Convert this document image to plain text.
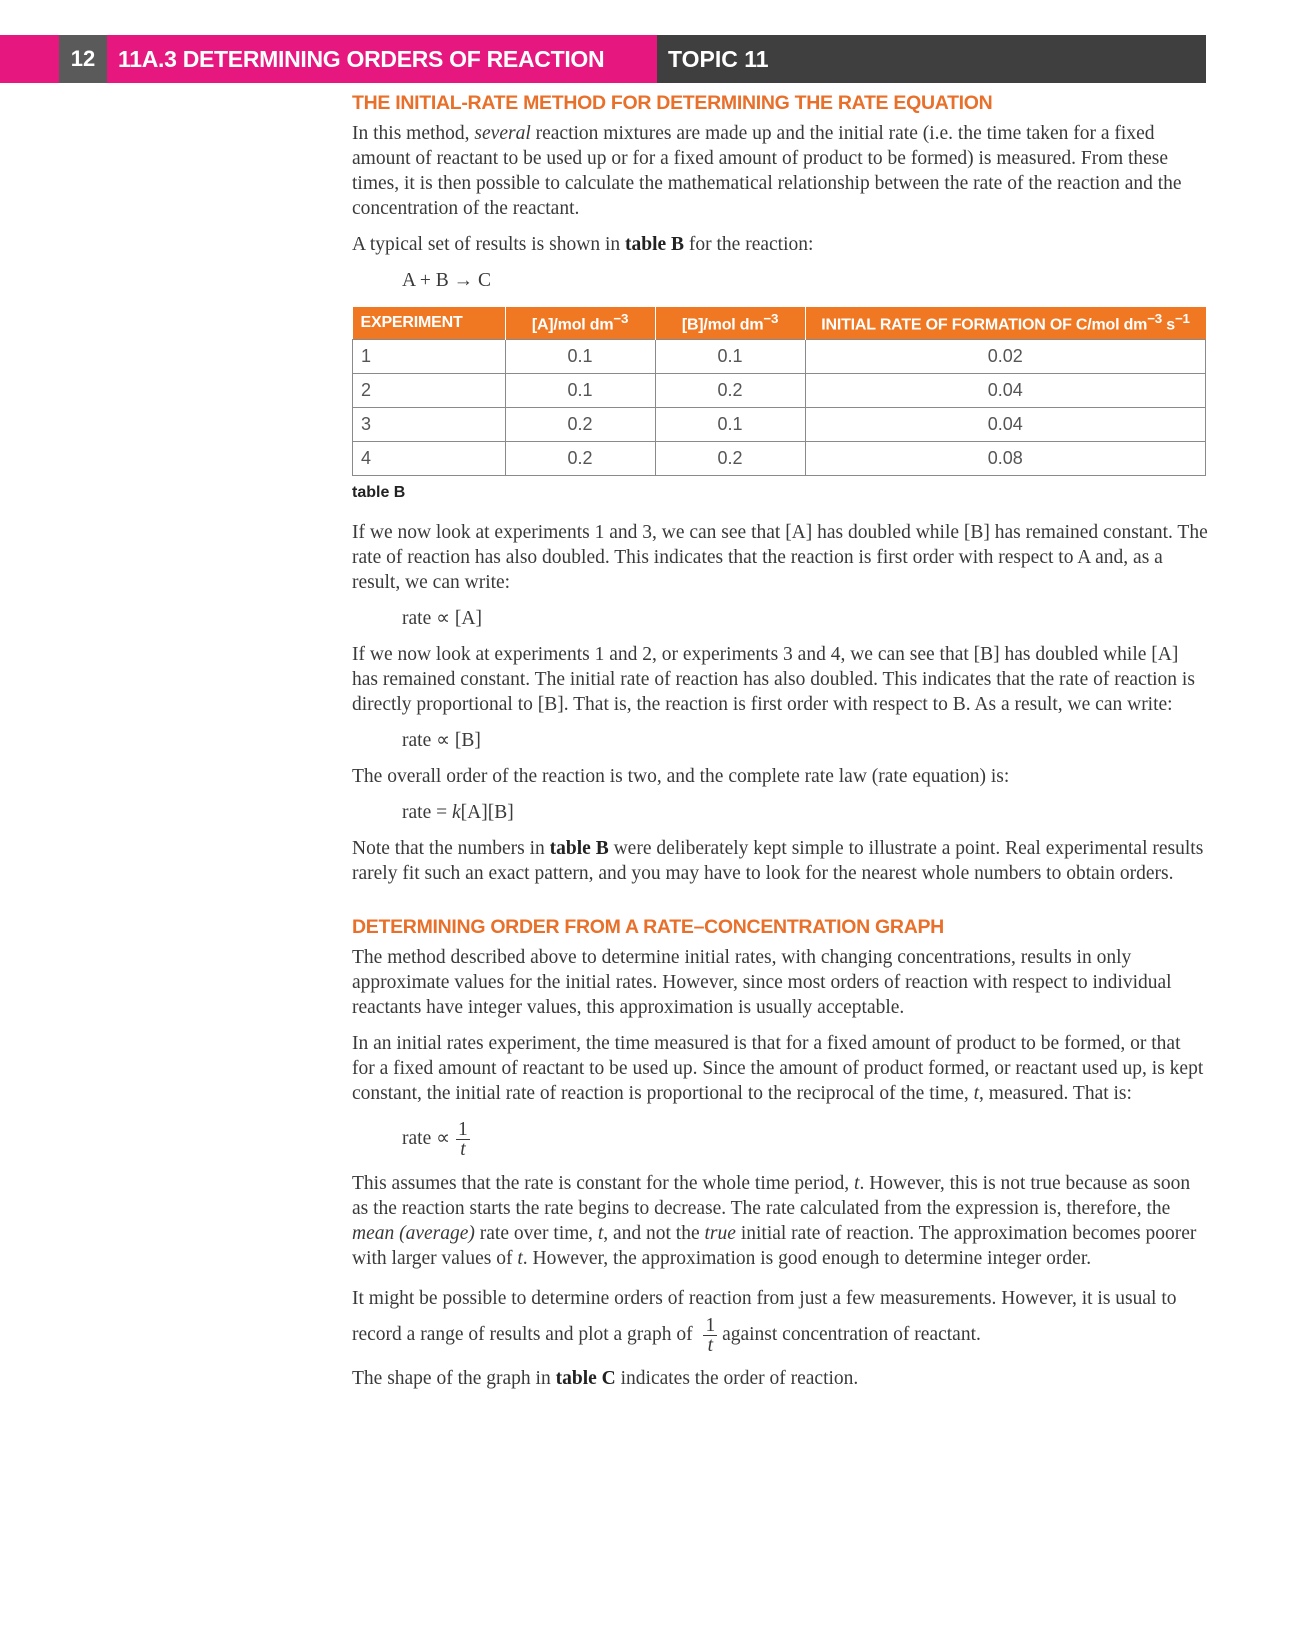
12 11A.3 DETERMINING ORDERS OF REACTION	TOPIC 11
THE INITIAL-RATE METHOD FOR DETERMINING THE RATE EQUATION

In this method, several reaction mixtures are made up and the initial rate (i.e. the time taken for a fixed amount of reactant to be used up or for a fixed amount of product to be formed) is measured. From these times, it is then possible to calculate the mathematical relationship between the rate of the reaction and the concentration of the reactant.

A typical set of results is shown in table B for the reaction:

A + B → C
EXPERIMENT	[A]/mol $dm^{-3}$	[B]/mol $dm^{-3}$	INITIAL RATE OF FORMATION OF C/mol $dm^{-3}$ $s^{-1}$
1	0.1	0.1	0.02
2	0.1	0.2	0.04
3	0.2	0.1	0.04
4	0.2	0.2	0.08
table B

If we now look at experiments 1 and 3, we can see that [A] has doubled while [B] has remained constant. The rate of reaction has also doubled. This indicates that the reaction is first order with respect to A and, as a result, we can write:

rate ∝ [A]

If we now look at experiments 1 and 2, or experiments 3 and 4, we can see that [B] has doubled while [A] has remained constant. The initial rate of reaction has also doubled. This indicates that the rate of reaction is directly proportional to [B]. That is, the reaction is first order with respect to B. As a result, we can write:

rate ∝ [B]

The overall order of the reaction is two, and the complete rate law (rate equation) is:

rate = k[A][B]

Note that the numbers in table B were deliberately kept simple to illustrate a point. Real experimental results rarely fit such an exact pattern, and you may have to look for the nearest whole numbers to obtain orders.

DETERMINING ORDER FROM A RATE–CONCENTRATION GRAPH

The method described above to determine initial rates, with changing concentrations, results in only approximate values for the initial rates. However, since most orders of reaction with respect to individual reactants have integer values, this approximation is usually acceptable.

In an initial rates experiment, the time measured is that for a fixed amount of product to be formed, or that for a fixed amount of reactant to be used up. Since the amount of product formed, or reactant used up, is kept constant, the initial rate of reaction is proportional to the reciprocal of the time, t, measured. That is:

rate ∝ $\frac{1}{t}$

This assumes that the rate is constant for the whole time period, t. However, this is not true because as soon as the reaction starts the rate begins to decrease. The rate calculated from the expression is, therefore, the mean (average) rate over time, t, and not the true initial rate of reaction. The approximation becomes poorer with larger values of t. However, the approximation is good enough to determine integer order.

It might be possible to determine orders of reaction from just a few measurements. However, it is usual to record a range of results and plot a graph of $\frac{1}{t}$ against concentration of reactant.

The shape of the graph in table C indicates the order of reaction.
